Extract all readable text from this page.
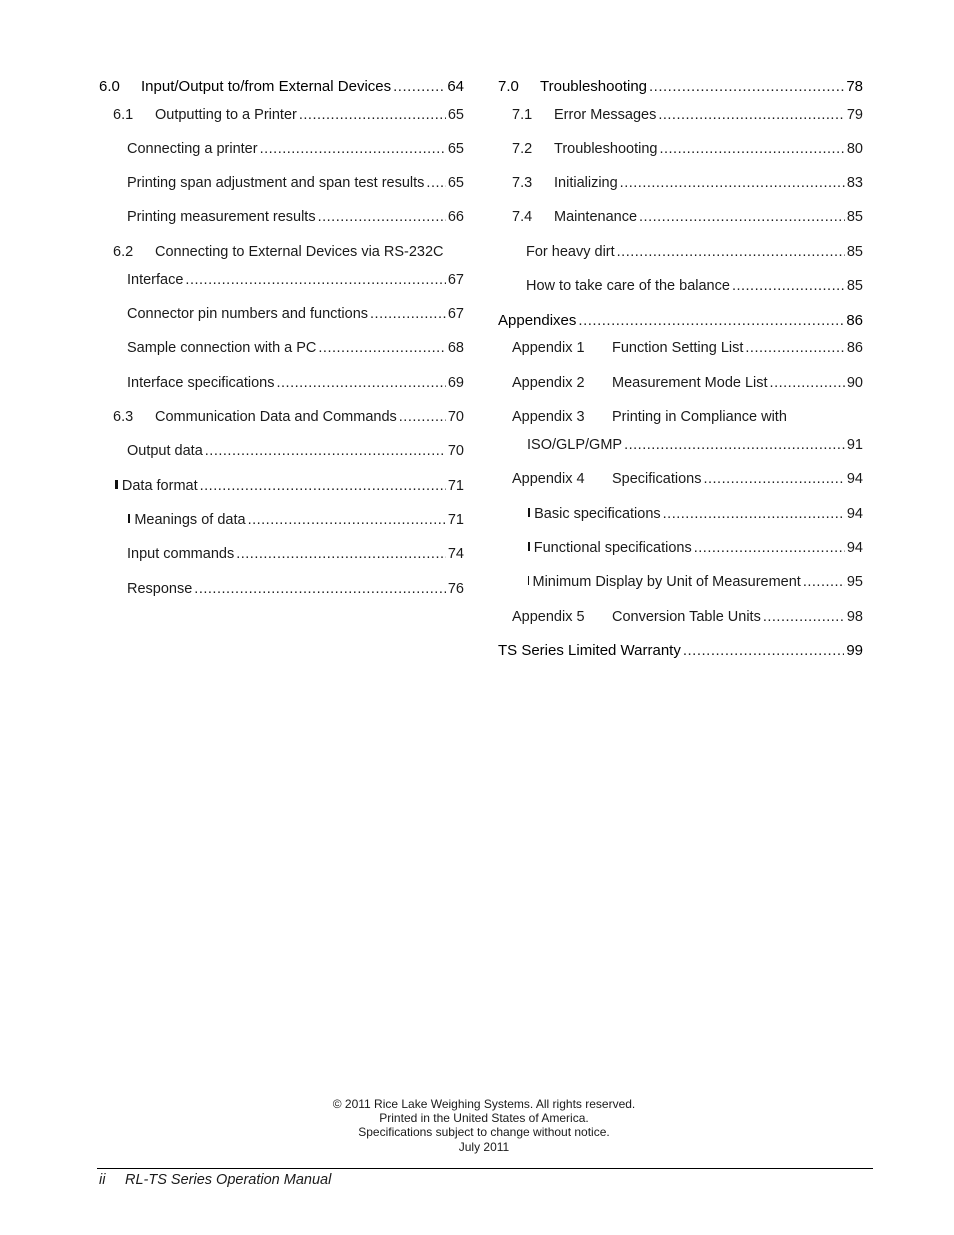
6.0	Input/Output to/from External Devices .....	64
6.1	Outputting to a Printer .....	65
Connecting a printer .....	65
Printing span adjustment and span test results ..... 65
Printing measurement results .....	66
6.2	Connecting to External Devices via RS-232C
Interface .....	67
Connector pin numbers and functions .....	67
Sample connection with a PC .....	68
Interface specifications .....	69
6.3	Communication Data and Commands .....	70
Output data .....	70
Data format .....	71
Meanings of data .....	71
Input commands .....	74
Response .....	76
7.0	Troubleshooting .....	78
7.1	Error Messages .....	79
7.2	Troubleshooting .....	80
7.3	Initializing .....	83
7.4	Maintenance .....	85
For heavy dirt .....	85
How to take care of the balance .....	85
Appendixes .....	86
Appendix 1	Function Setting List .....	86
Appendix 2	Measurement Mode List .....	90
Appendix 3	Printing in Compliance with
ISO/GLP/GMP .....	91
Appendix 4	Specifications .....	94
Basic specifications .....	94
Functional specifications .....	94
Minimum Display by Unit of Measurement .....	95
Appendix 5	Conversion Table Units .....	98
TS Series Limited Warranty .....	99
© 2011 Rice Lake Weighing Systems. All rights reserved.
Printed in the United States of America.
Specifications subject to change without notice.
July 2011
ii RL-TS Series Operation Manual
